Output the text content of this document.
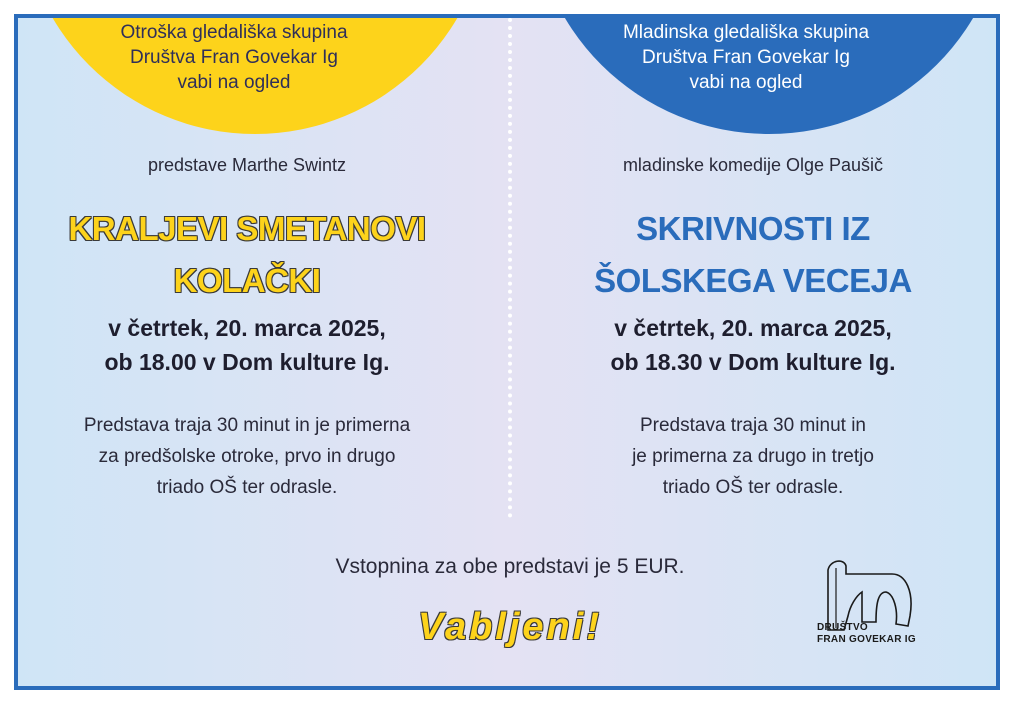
Otroška gledališka skupina
Društva Fran Govekar Ig
vabi na ogled
Mladinska gledališka skupina
Društva Fran Govekar Ig
vabi na ogled
predstave Marthe Swintz	mladinske komedije Olge Paušič
KRALJEVI SMETANOVI
KOLAČKI
SKRIVNOSTI IZ
ŠOLSKEGA VECEJA
v četrtek, 20. marca 2025,
ob 18.00 v Dom kulture Ig.
v četrtek, 20. marca 2025,
ob 18.30 v Dom kulture Ig.
Predstava traja 30 minut in je primerna
za predšolske otroke, prvo in drugo
triado OŠ ter odrasle.
Predstava traja 30 minut in
je primerna za drugo in tretjo
triado OŠ ter odrasle.
Vstopnina za obe predstavi je 5 EUR.
Vabljeni!	DRUŠTVO
FRAN GOVEKAR IG
